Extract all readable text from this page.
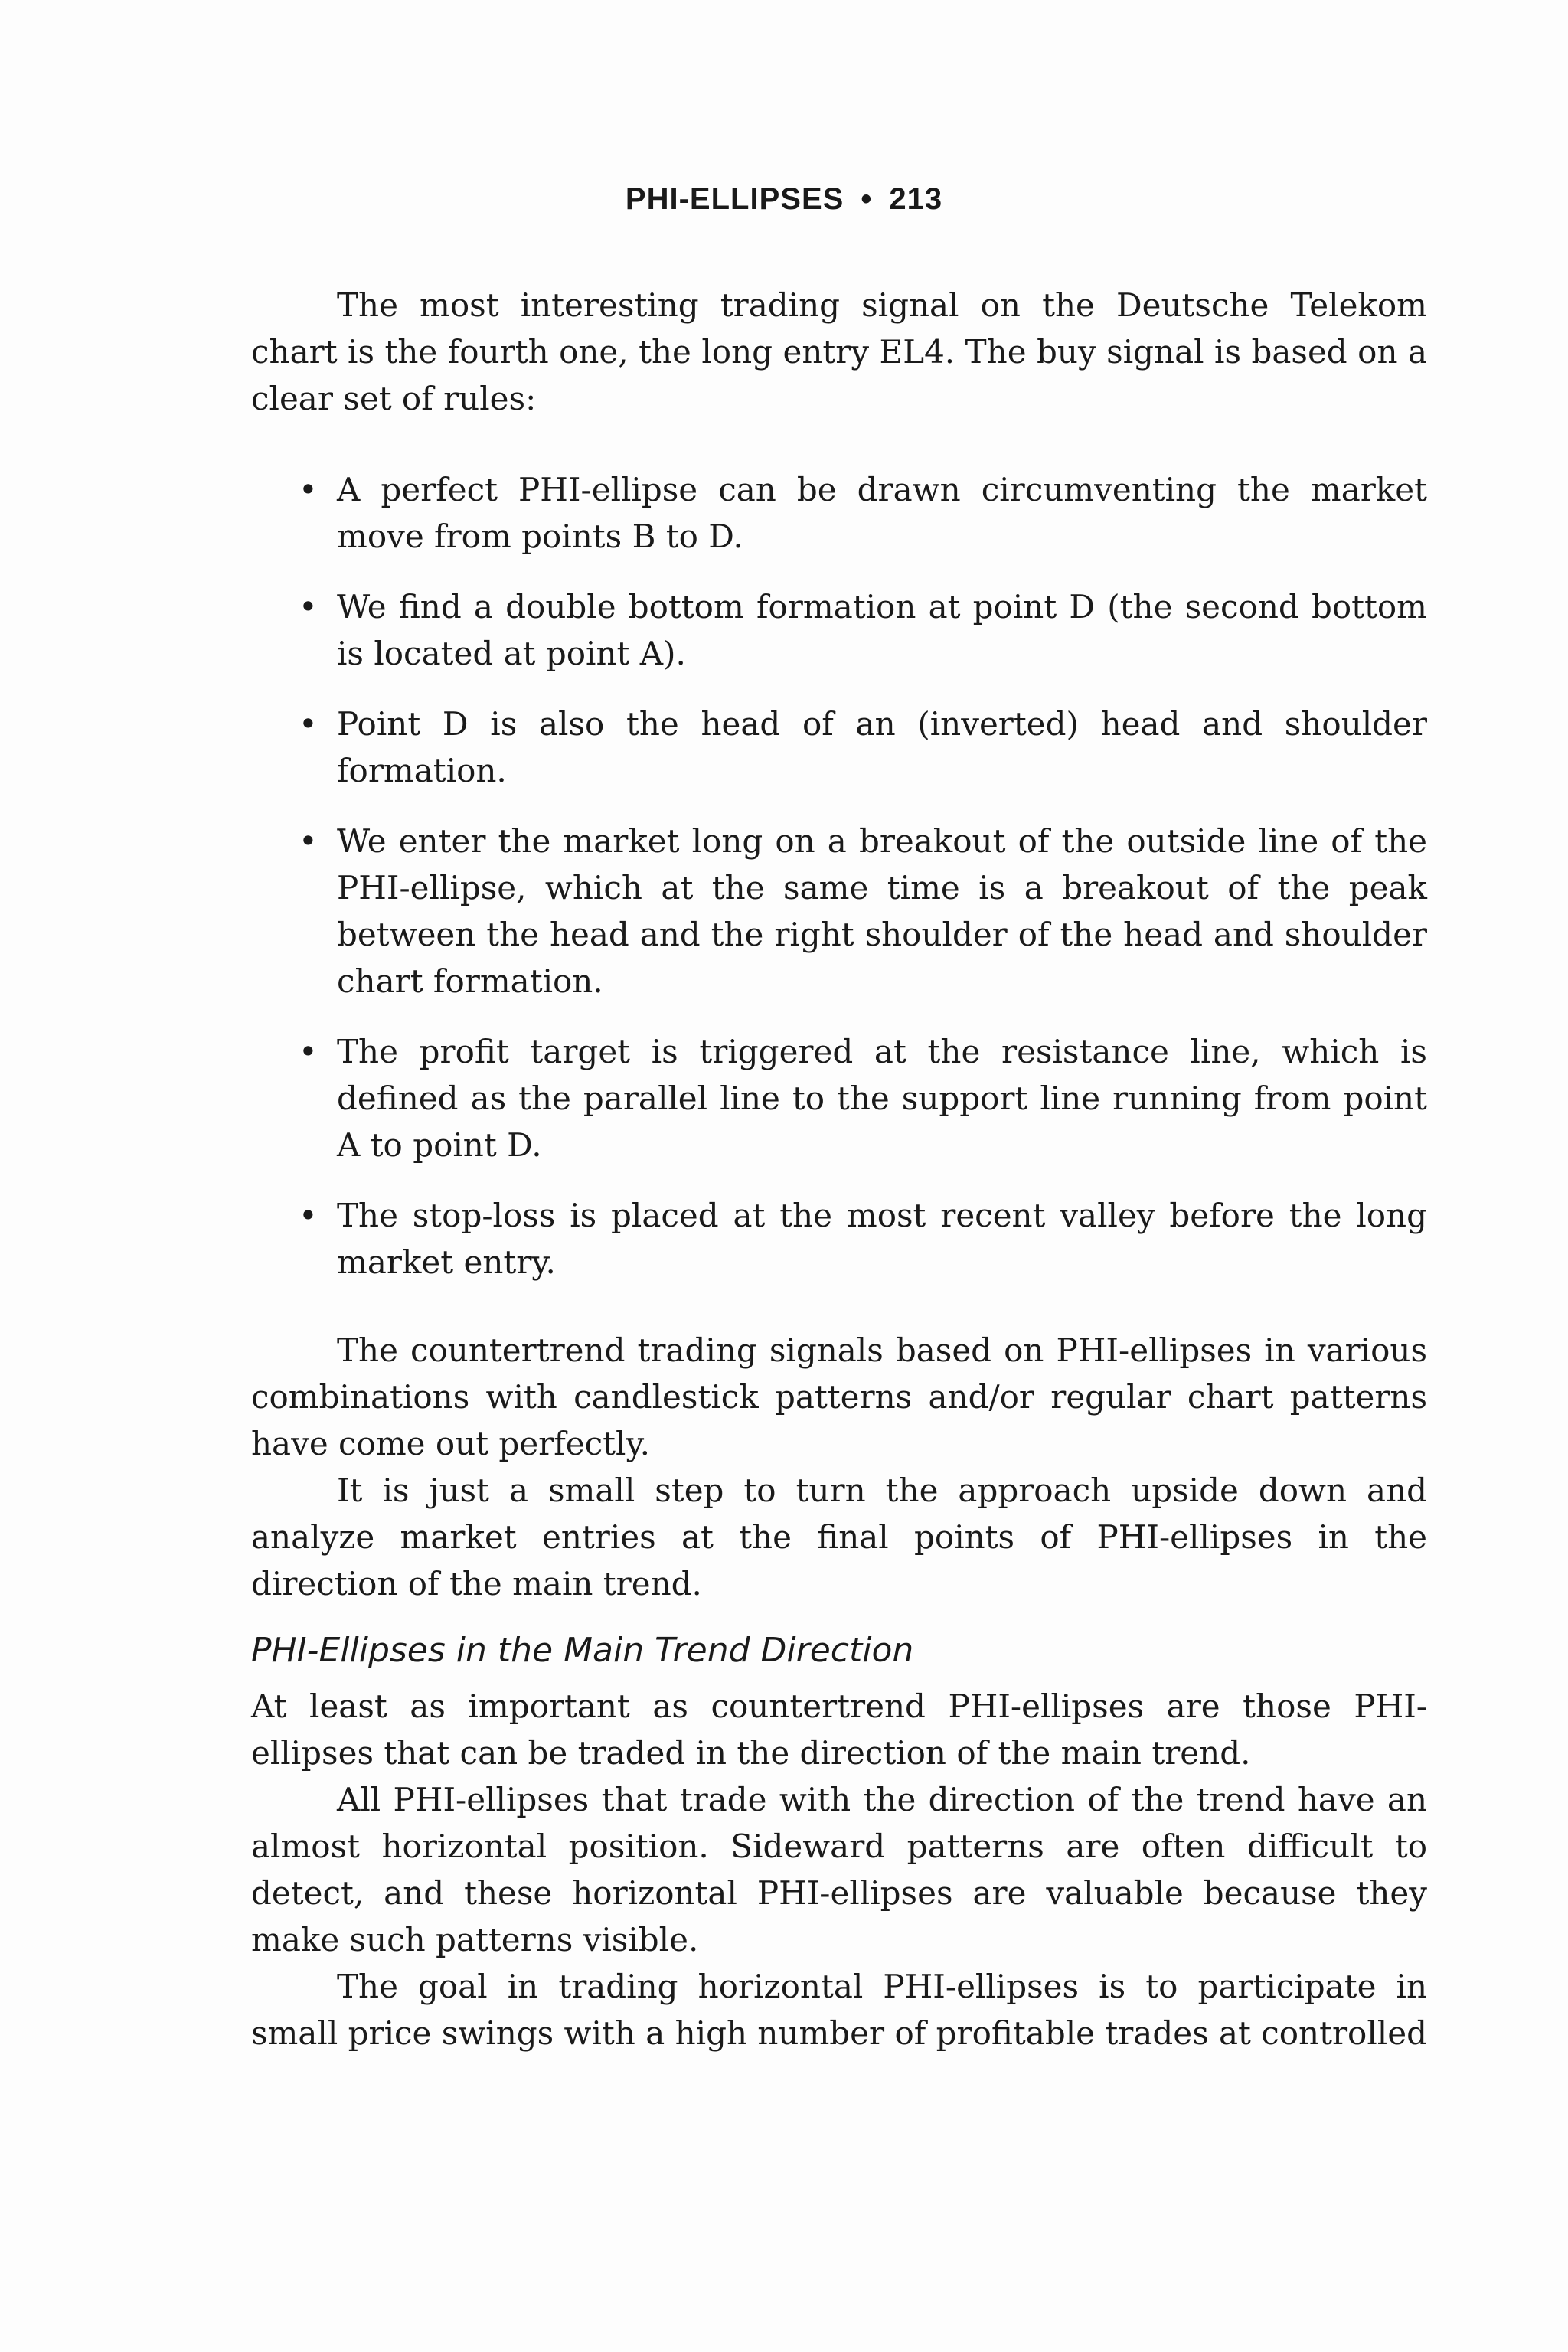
PHI-ELLIPSES • 213

The most interesting trading signal on the Deutsche Telekom chart is the fourth one, the long entry EL4. The buy signal is based on a clear set of rules:

• A perfect PHI-ellipse can be drawn circumventing the market move from points B to D.
• We find a double bottom formation at point D (the second bottom is located at point A).
• Point D is also the head of an (inverted) head and shoulder formation.
• We enter the market long on a breakout of the outside line of the PHI-ellipse, which at the same time is a breakout of the peak between the head and the right shoulder of the head and shoulder chart formation.
• The profit target is triggered at the resistance line, which is defined as the parallel line to the support line running from point A to point D.
• The stop-loss is placed at the most recent valley before the long market entry.

The countertrend trading signals based on PHI-ellipses in various combinations with candlestick patterns and/or regular chart patterns have come out perfectly.

It is just a small step to turn the approach upside down and analyze market entries at the final points of PHI-ellipses in the direction of the main trend.

PHI-Ellipses in the Main Trend Direction

At least as important as countertrend PHI-ellipses are those PHI-ellipses that can be traded in the direction of the main trend.

All PHI-ellipses that trade with the direction of the trend have an almost horizontal position. Sideward patterns are often difficult to detect, and these horizontal PHI-ellipses are valuable because they make such patterns visible.

The goal in trading horizontal PHI-ellipses is to participate in small price swings with a high number of profitable trades at controlled
